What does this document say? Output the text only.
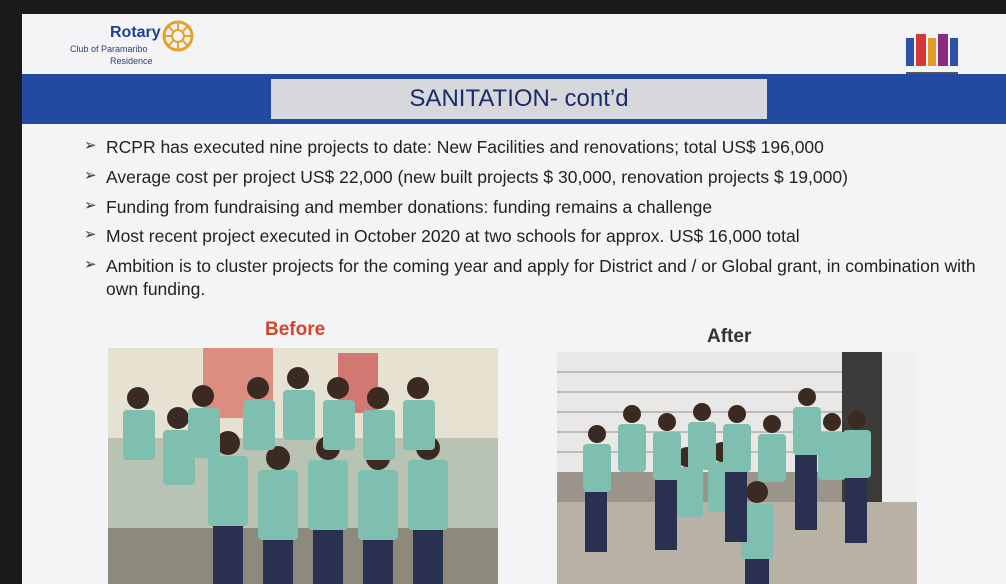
Rotary
Club of Paramaribo
Residence
SANITATION- cont’d
➢ RCPR has executed nine projects to date: New Facilities and renovations; total US$ 196,000
➢ Average cost per project US$ 22,000 (new built projects $ 30,000, renovation projects $ 19,000)
➢ Funding from fundraising and member donations: funding remains a challenge
➢ Most recent project executed in October 2020 at two schools for approx. US$ 16,000 total
➢ Ambition is to cluster projects for the coming year and apply for District and / or Global grant, in combination with own funding.
Before	After
